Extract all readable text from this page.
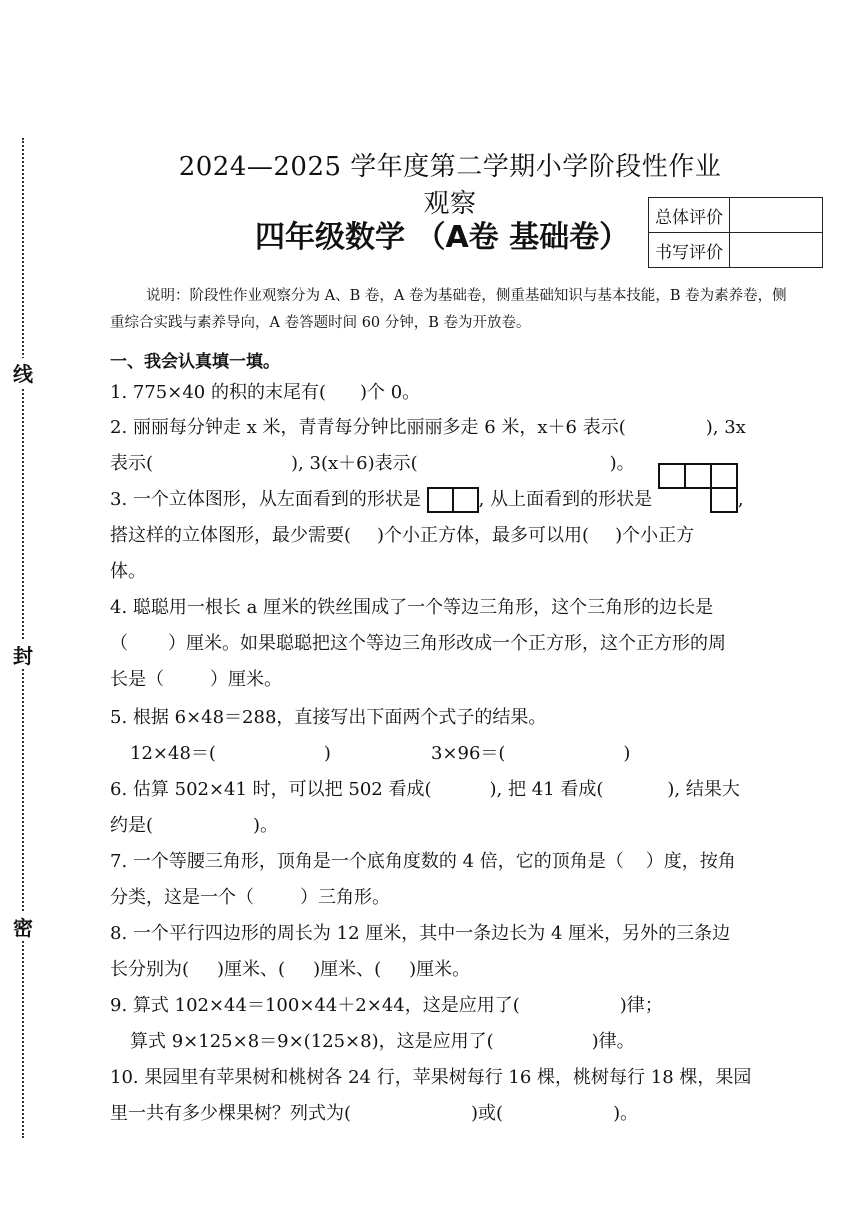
线
封
密
2024—2025 学年度第二学期小学阶段性作业观察
四年级数学 （A卷 基础卷）
总体评价	
书写评价	
说明：阶段性作业观察分为 A、B 卷，A 卷为基础卷，侧重基础知识与基本技能，B 卷为素养卷，侧重综合实践与素养导向，A 卷答题时间 60 分钟，B 卷为开放卷。
一、我会认真填一填。
1. 775×40 的积的末尾有( )个 0。
2. 丽丽每分钟走 x 米，青青每分钟比丽丽多走 6 米，x＋6 表示(	), 3x
表示(	), 3(x＋6)表示(	)。
3. 一个立体图形，从左面看到的形状是	, 从上面看到的形状是	,
搭这样的立体图形，最少需要( )个小正方体，最多可以用( )个小正方
体。
4. 聪聪用一根长 a 厘米的铁丝围成了一个等边三角形，这个三角形的边长是
（ ）厘米。如果聪聪把这个等边三角形改成一个正方形，这个正方形的周
长是（	）厘米。
5. 根据 6×48＝288，直接写出下面两个式子的结果。
12×48＝(	)	3×96＝(	)
6. 估算 502×41 时，可以把 502 看成(	), 把 41 看成(	), 结果大
约是(	)。
7. 一个等腰三角形，顶角是一个底角度数的 4 倍，它的顶角是（ ）度，按角
分类，这是一个（	）三角形。
8. 一个平行四边形的周长为 12 厘米，其中一条边长为 4 厘米，另外的三条边
长分别为( )厘米、( )厘米、( )厘米。
9. 算式 102×44＝100×44＋2×44，这是应用了(	)律；
算式 9×125×8＝9×(125×8)，这是应用了(	)律。
10. 果园里有苹果树和桃树各 24 行，苹果树每行 16 棵，桃树每行 18 棵，果园
里一共有多少棵果树？列式为(	)或(	)。
